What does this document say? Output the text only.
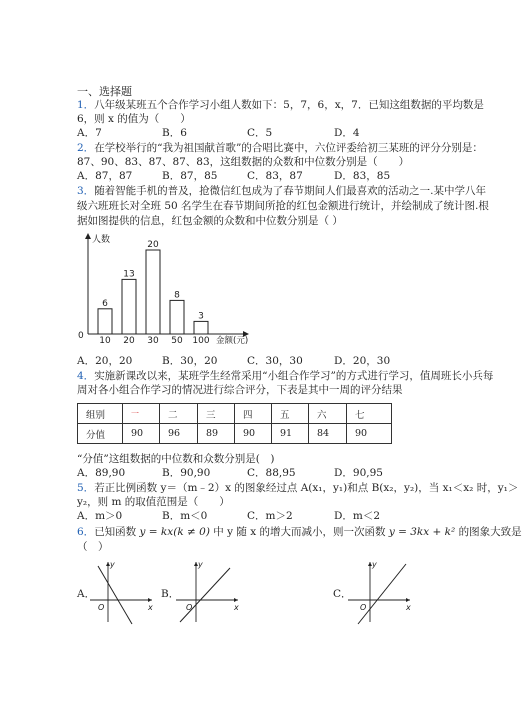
一、选择题
1．八年级某班五个合作学习小组人数如下：5，7，6，x，7．已知这组数据的平均数是
6，则 x 的值为（　　）
A．7	B．6	C．5	D．4
2．在学校举行的“我为祖国献首歌”的合唱比赛中，六位评委给初三某班的评分分别是：
87、90、83、87、87、83，这组数据的众数和中位数分别是（　　）
A．87，87	B．87，85	C．83，87	D．83，85
3．随着智能手机的普及，抢微信红包成为了春节期间人们最喜欢的活动之一.某中学八年
级六班班长对全班 50 名学生在春节期间所抢的红包金额进行统计，并绘制成了统计图.根
据如图提供的信息，红包金额的众数和中位数分别是（ ）
人数
金额(元)
0
6
10
13
20
20
30
8
50
3
100
A．20，20	B．30，20	C．30，30	D．20，30
4．实施新课改以来，某班学生经常采用“小组合作学习”的方式进行学习，值周班长小兵每
周对各小组合作学习的情况进行综合评分，下表是其中一周的评分结果
组别	一	二	三	四	五	六	七
分值	90	96	89	90	91	84	90
“分值”这组数据的中位数和众数分别是(　)
A．89,90	B．90,90	C．88,95	D．90,95
5．若正比例函数 y＝（m﹣2）x 的图象经过点 A(x₁，y₁)和点 B(x₂，y₂)，当 x₁＜x₂ 时，y₁＞
y₂，则 m 的取值范围是（　　）
A．m＞0	B．m＜0	C．m＞2	D．m＜2
6．已知函数 y = kx(k ≠ 0) 中 y 随 x 的增大而减小，则一次函数 y = 3kx + k² 的图象大致是
（　）
A．
y
x
O
B．
y
x
O
C．
y
x
O
